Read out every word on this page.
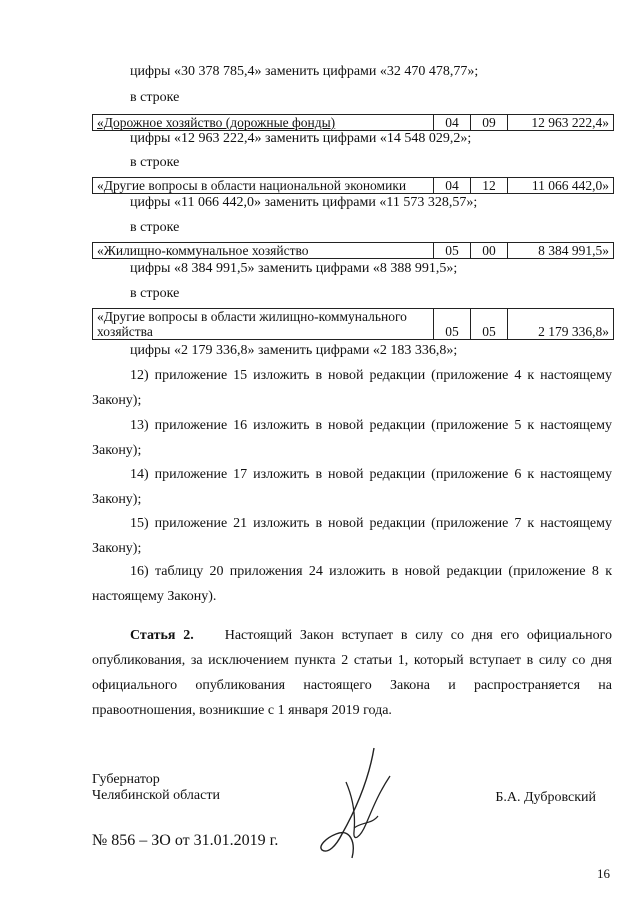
цифры «30 378 785,4» заменить цифрами «32 470 478,77»;
в строке
«Дорожное хозяйство (дорожные фонды)	04	09	12 963 222,4»
цифры «12 963 222,4» заменить цифрами «14 548 029,2»;
в строке
«Другие вопросы в области национальной экономики	04	12	11 066 442,0»
цифры «11 066 442,0» заменить цифрами «11 573 328,57»;
в строке
«Жилищно-коммунальное хозяйство	05	00	8 384 991,5»
цифры «8 384 991,5» заменить цифрами «8 388 991,5»;
в строке
«Другие вопросы в области жилищно-коммунального
хозяйства	05	05	2 179 336,8»
цифры «2 179 336,8» заменить цифрами «2 183 336,8»;
12) приложение 15 изложить в новой редакции (приложение 4 к настоящему Закону);
13) приложение 16 изложить в новой редакции (приложение 5 к настоящему Закону);
14) приложение 17 изложить в новой редакции (приложение 6 к настоящему Закону);
15) приложение 21 изложить в новой редакции (приложение 7 к настоящему Закону);
16) таблицу 20 приложения 24 изложить в новой редакции (приложение 8 к настоящему Закону).
Статья 2. Настоящий Закон вступает в силу со дня его официального опубликования, за исключением пункта 2 статьи 1, который вступает в силу со дня официального опубликования настоящего Закона и распространяется на правоотношения, возникшие с 1 января 2019 года.
Губернатор
Челябинской области	Б.А. Дубровский
№ 856 – ЗО от 31.01.2019 г.
16
